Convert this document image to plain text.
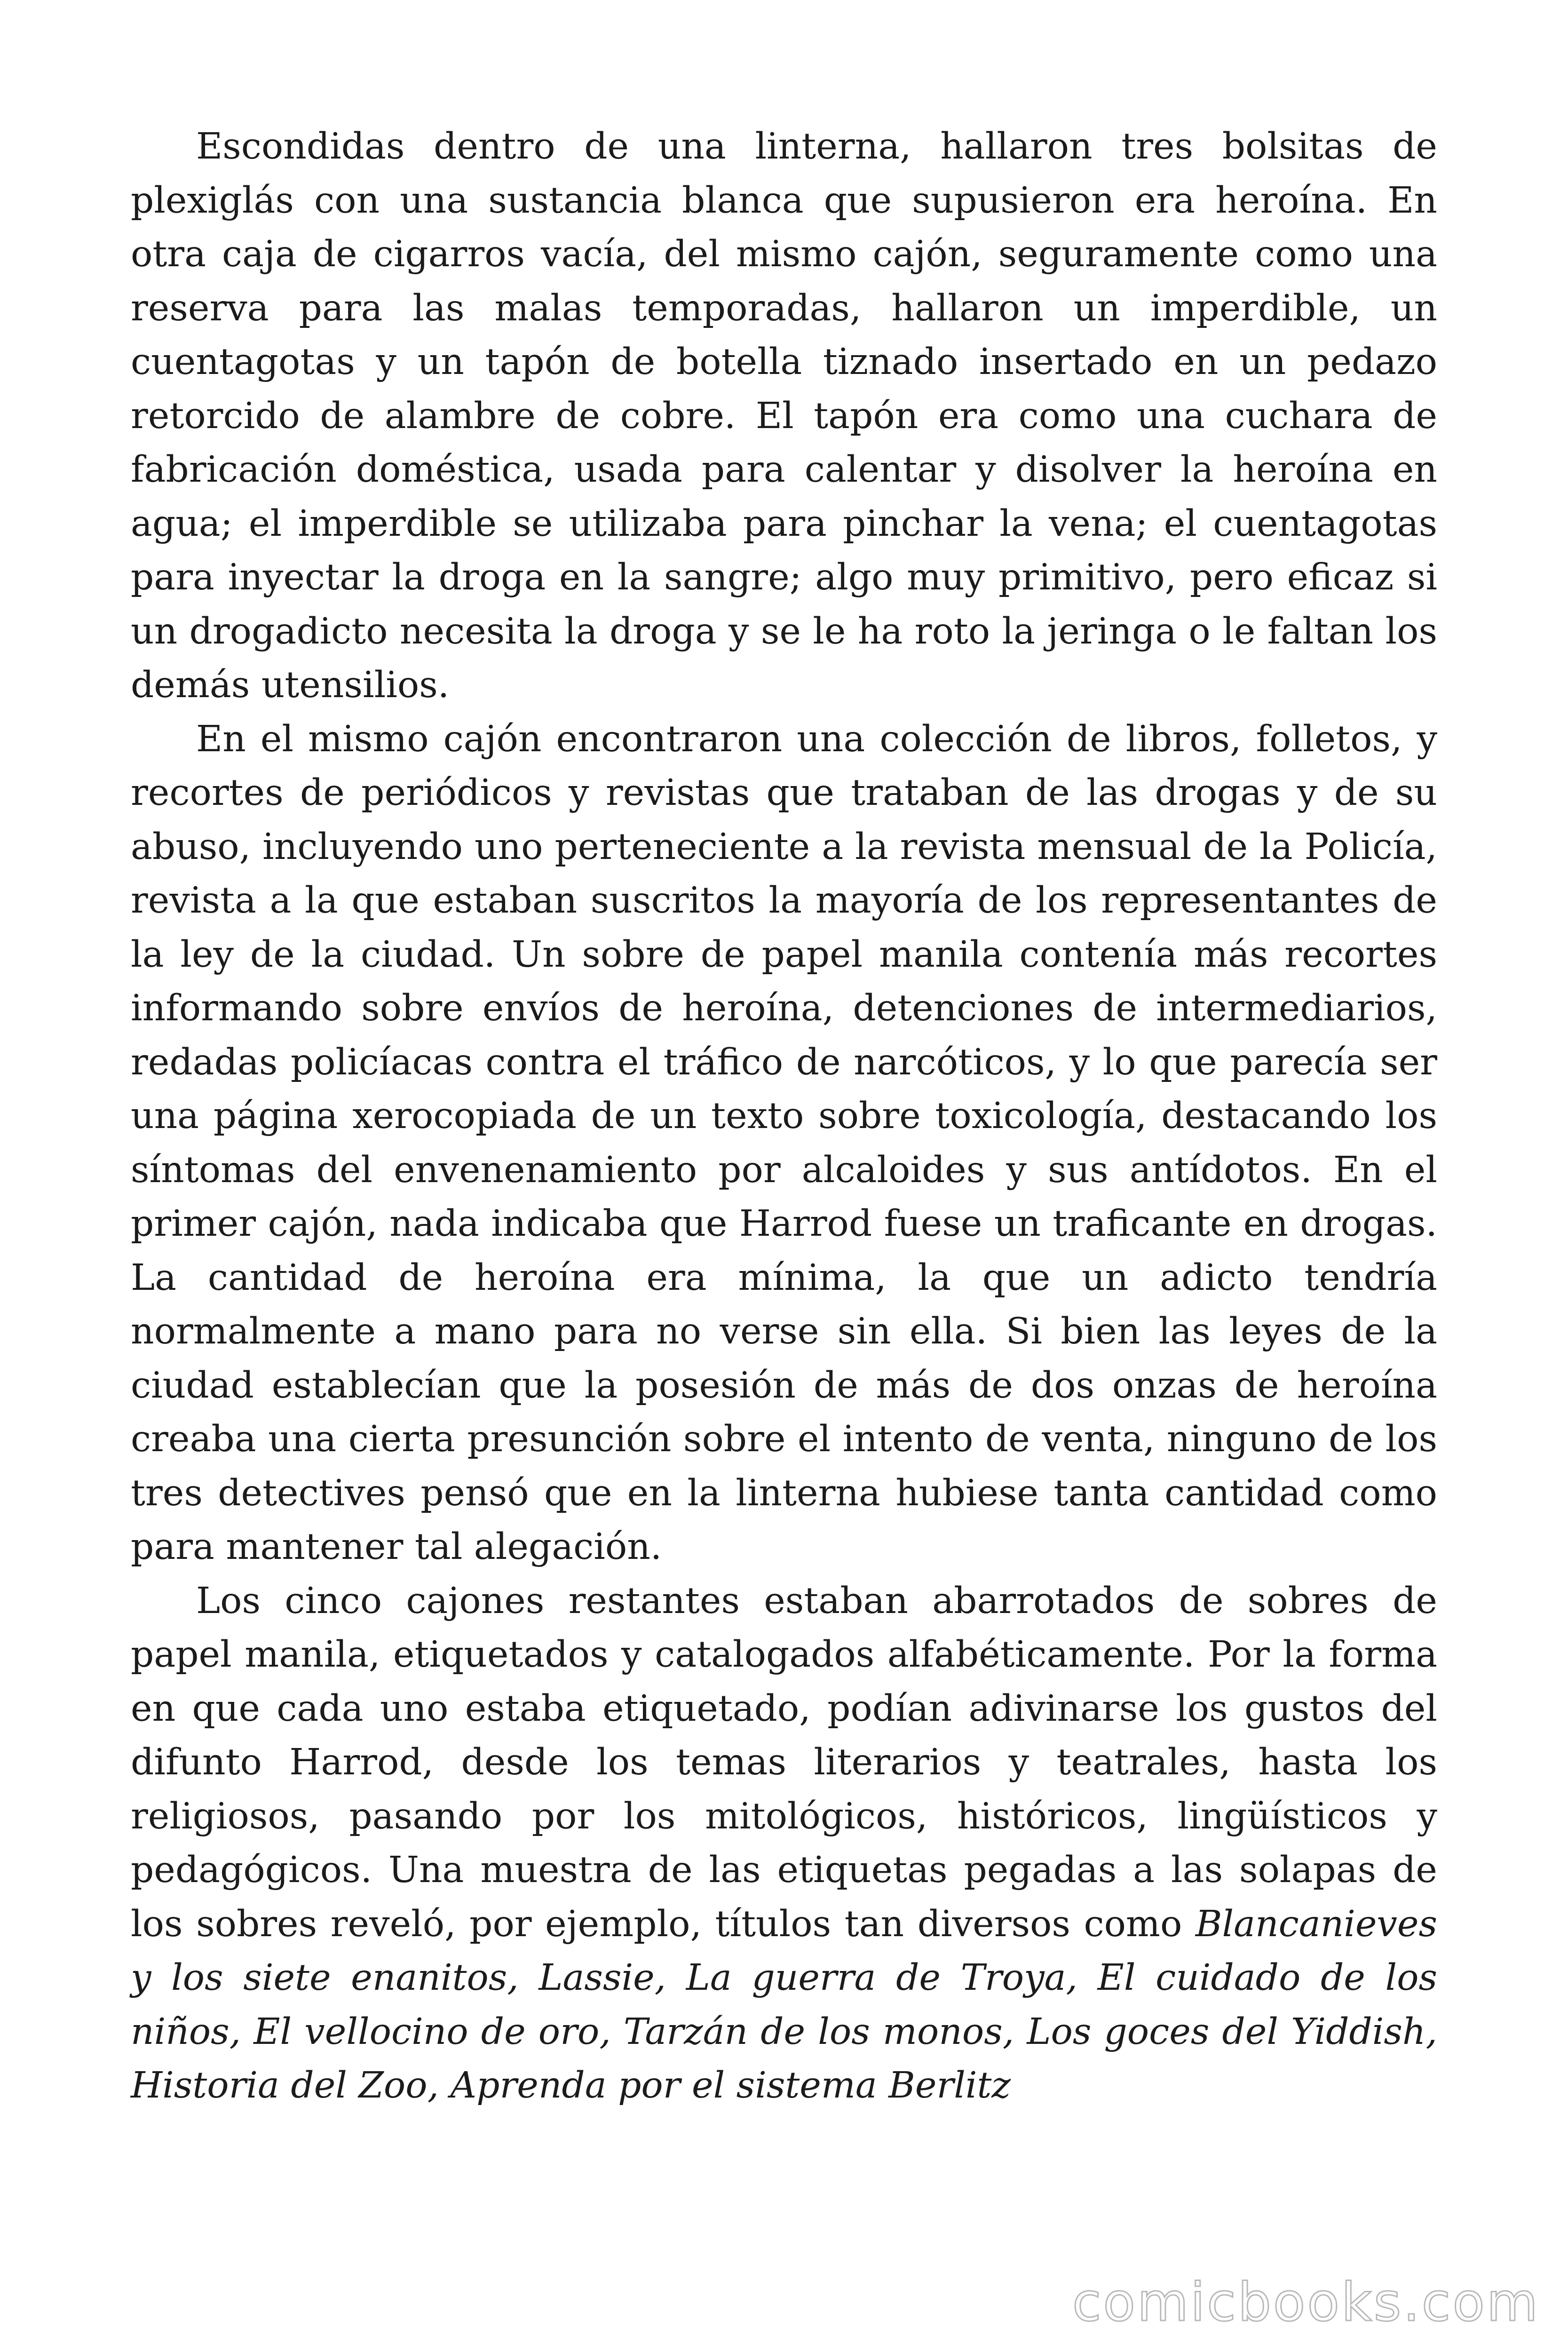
Escondidas dentro de una linterna, hallaron tres bolsitas de plexiglás con una sustancia blanca que supusieron era heroína. En otra caja de cigarros vacía, del mismo cajón, seguramente como una reserva para las malas temporadas, hallaron un imperdible, un cuentagotas y un tapón de botella tiznado insertado en un pedazo retorcido de alambre de cobre. El tapón era como una cuchara de fabricación doméstica, usada para calentar y disolver la heroína en agua; el imperdible se utilizaba para pinchar la vena; el cuentagotas para inyectar la droga en la sangre; algo muy primitivo, pero eficaz si un drogadicto necesita la droga y se le ha roto la jeringa o le faltan los demás utensilios.

En el mismo cajón encontraron una colección de libros, folletos, y recortes de periódicos y revistas que trataban de las drogas y de su abuso, incluyendo uno perteneciente a la revista mensual de la Policía, revista a la que estaban suscritos la mayoría de los representantes de la ley de la ciudad. Un sobre de papel manila contenía más recortes informando sobre envíos de heroína, detenciones de intermediarios, redadas policíacas contra el tráfico de narcóticos, y lo que parecía ser una página xerocopiada de un texto sobre toxicología, destacando los síntomas del envenenamiento por alcaloides y sus antídotos. En el primer cajón, nada indicaba que Harrod fuese un traficante en drogas. La cantidad de heroína era mínima, la que un adicto tendría normalmente a mano para no verse sin ella. Si bien las leyes de la ciudad establecían que la posesión de más de dos onzas de heroína creaba una cierta presunción sobre el intento de venta, ninguno de los tres detectives pensó que en la linterna hubiese tanta cantidad como para mantener tal alegación.

Los cinco cajones restantes estaban abarrotados de sobres de papel manila, etiquetados y catalogados alfabéticamente. Por la forma en que cada uno estaba etiquetado, podían adivinarse los gustos del difunto Harrod, desde los temas literarios y teatrales, hasta los religiosos, pasando por los mitológicos, históricos, lingüísticos y pedagógicos. Una muestra de las etiquetas pegadas a las solapas de los sobres reveló, por ejemplo, títulos tan diversos como Blancanieves y los siete enanitos, Lassie, La guerra de Troya, El cuidado de los niños, El vellocino de oro, Tarzán de los monos, Los goces del Yiddish, Historia del Zoo, Aprenda por el sistema Berlitz

comicbooks.com
